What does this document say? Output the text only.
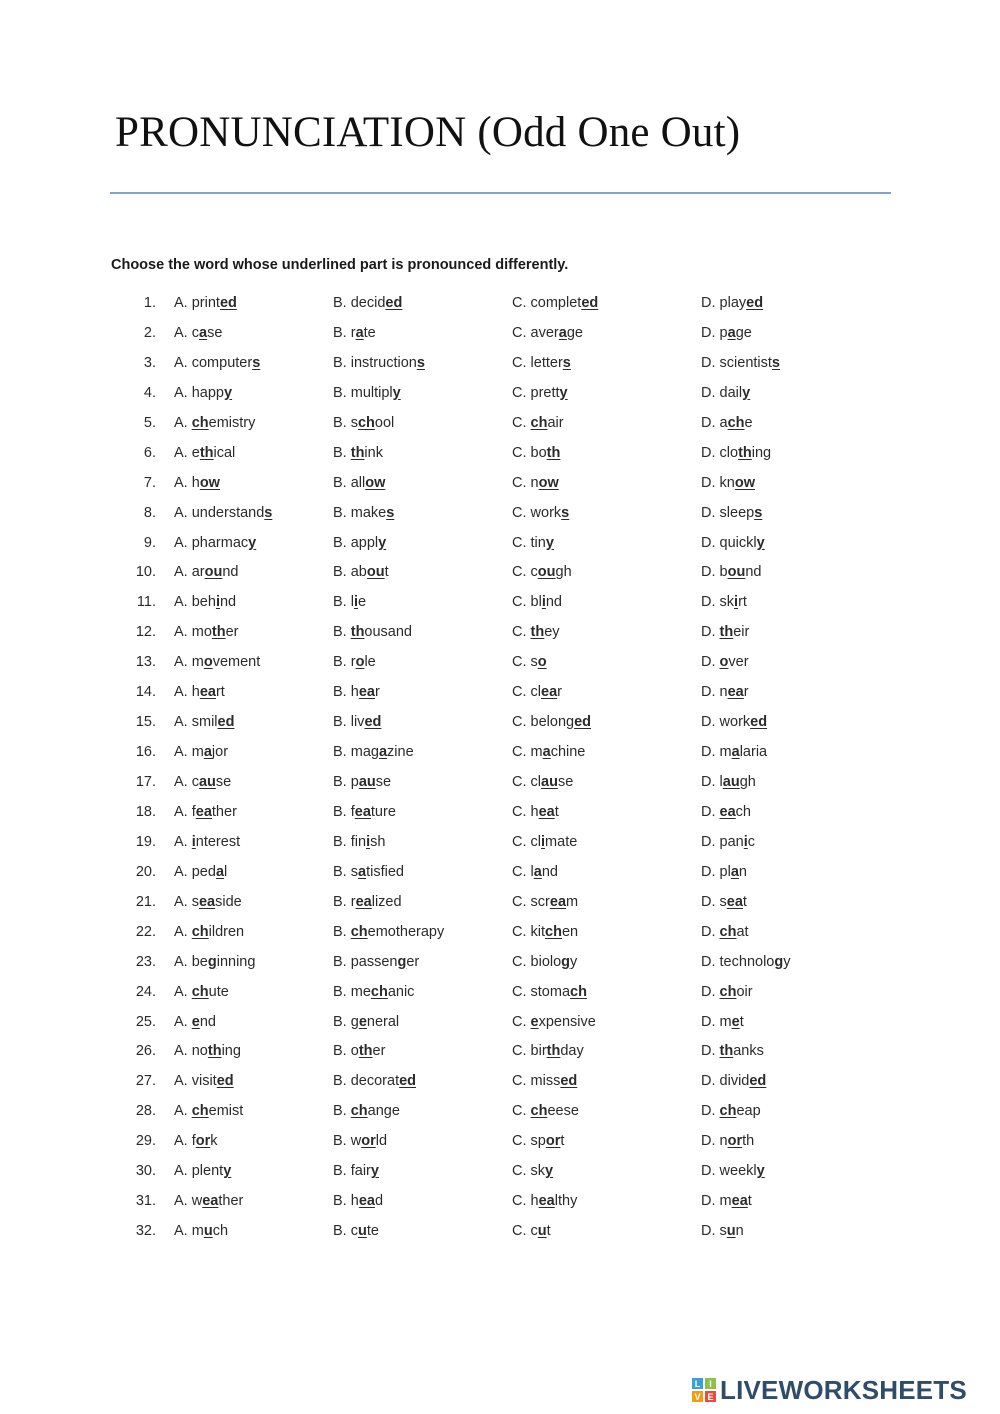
PRONUNCIATION (Odd One Out)
Choose the word whose underlined part is pronounced differently.
1. A. printed	B. decided	C. completed	D. played
2. A. case	B. rate	C. average	D. page
3. A. computers	B. instructions	C. letters	D. scientists
4. A. happy	B. multiply	C. pretty	D. daily
5. A. chemistry	B. school	C. chair	D. ache
6. A. ethical	B. think	C. both	D. clothing
7. A. how	B. allow	C. now	D. know
8. A. understands	B. makes	C. works	D. sleeps
9. A. pharmacy	B. apply	C. tiny	D. quickly
10. A. around	B. about	C. cough	D. bound
11. A. behind	B. lie	C. blind	D. skirt
12. A. mother	B. thousand	C. they	D. their
13. A. movement	B. role	C. so	D. over
14. A. heart	B. hear	C. clear	D. near
15. A. smiled	B. lived	C. belonged	D. worked
16. A. major	B. magazine	C. machine	D. malaria
17. A. cause	B. pause	C. clause	D. laugh
18. A. feather	B. feature	C. heat	D. each
19. A. interest	B. finish	C. climate	D. panic
20. A. pedal	B. satisfied	C. land	D. plan
21. A. seaside	B. realized	C. scream	D. seat
22. A. children	B. chemotherapy	C. kitchen	D. chat
23. A. beginning	B. passenger	C. biology	D. technology
24. A. chute	B. mechanic	C. stomach	D. choir
25. A. end	B. general	C. expensive	D. met
26. A. nothing	B. other	C. birthday	D. thanks
27. A. visited	B. decorated	C. missed	D. divided
28. A. chemist	B. change	C. cheese	D. cheap
29. A. fork	B. world	C. sport	D. north
30. A. plenty	B. fairy	C. sky	D. weekly
31. A. weather	B. head	C. healthy	D. meat
32. A. much	B. cute	C. cut	D. sun
L I
V E LIVEWORKSHEETS
